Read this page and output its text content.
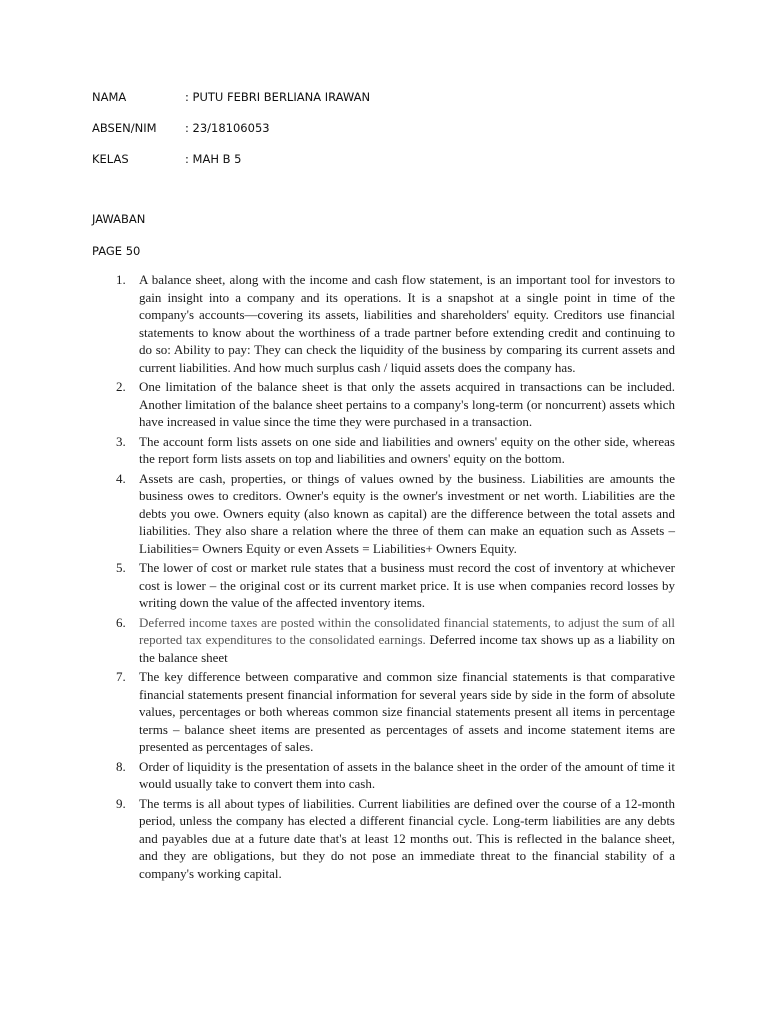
NAMA	: PUTU FEBRI BERLIANA IRAWAN
ABSEN/NIM : 23/18106053
KELAS	: MAH B 5
JAWABAN
PAGE 50
1.	A balance sheet, along with the income and cash flow statement, is an important tool for investors to gain insight into a company and its operations. It is a snapshot at a single point in time of the company's accounts—covering its assets, liabilities and shareholders' equity. Creditors use financial statements to know about the worthiness of a trade partner before extending credit and continuing to do so: Ability to pay: They can check the liquidity of the business by comparing its current assets and current liabilities. And how much surplus cash / liquid assets does the company has.
2.	One limitation of the balance sheet is that only the assets acquired in transactions can be included. Another limitation of the balance sheet pertains to a company's long-term (or noncurrent) assets which have increased in value since the time they were purchased in a transaction.
3.	The account form lists assets on one side and liabilities and owners' equity on the other side, whereas the report form lists assets on top and liabilities and owners' equity on the bottom.
4.	Assets are cash, properties, or things of values owned by the business. Liabilities are amounts the business owes to creditors. Owner's equity is the owner's investment or net worth. Liabilities are the debts you owe. Owners equity (also known as capital) are the difference between the total assets and liabilities. They also share a relation where the three of them can make an equation such as Assets – Liabilities= Owners Equity or even Assets = Liabilities+ Owners Equity.
5.	The lower of cost or market rule states that a business must record the cost of inventory at whichever cost is lower – the original cost or its current market price. It is use when companies record losses by writing down the value of the affected inventory items.
6.	Deferred income taxes are posted within the consolidated financial statements, to adjust the sum of all reported tax expenditures to the consolidated earnings. Deferred income tax shows up as a liability on the balance sheet
7.	The key difference between comparative and common size financial statements is that comparative financial statements present financial information for several years side by side in the form of absolute values, percentages or both whereas common size financial statements present all items in percentage terms – balance sheet items are presented as percentages of assets and income statement items are presented as percentages of sales.
8.	Order of liquidity is the presentation of assets in the balance sheet in the order of the amount of time it would usually take to convert them into cash.
9.	The terms is all about types of liabilities. Current liabilities are defined over the course of a 12-month period, unless the company has elected a different financial cycle. Long-term liabilities are any debts and payables due at a future date that's at least 12 months out. This is reflected in the balance sheet, and they are obligations, but they do not pose an immediate threat to the financial stability of a company's working capital.
